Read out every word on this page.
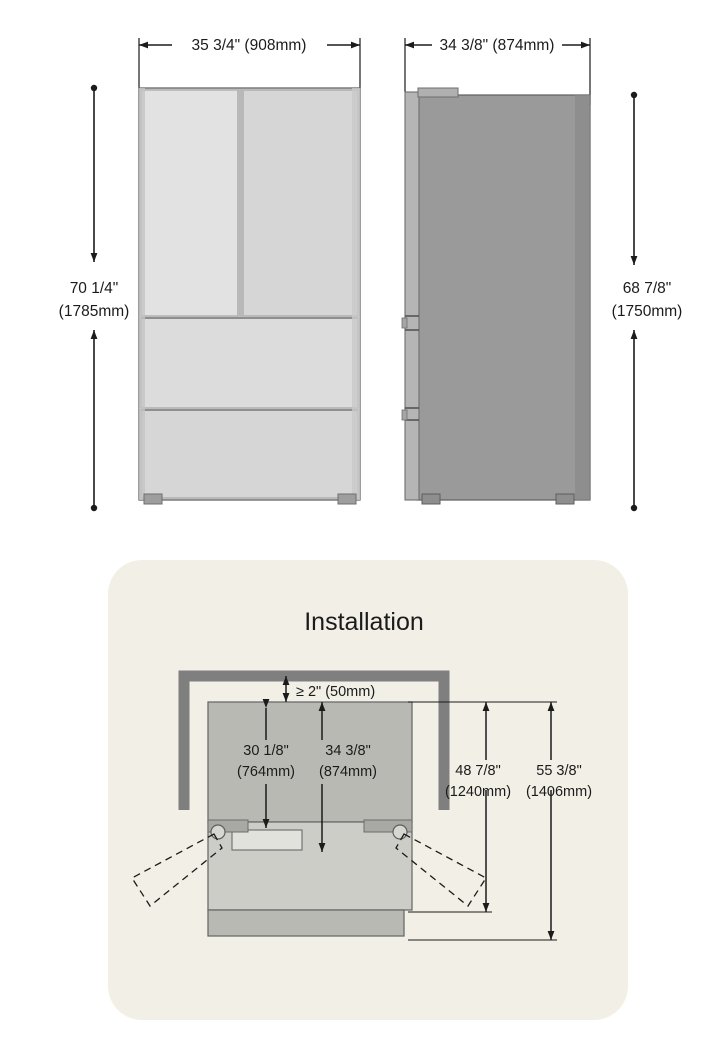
35 3/4" (908mm)
70 1/4"
(1785mm)
34 3/8" (874mm)
68 7/8"
(1750mm)
Installation
≥ 2" (50mm)
30 1/8"
(764mm)
34 3/8"
(874mm)	48 7/8"
(1240mm)
55 3/8"
(1406mm)
